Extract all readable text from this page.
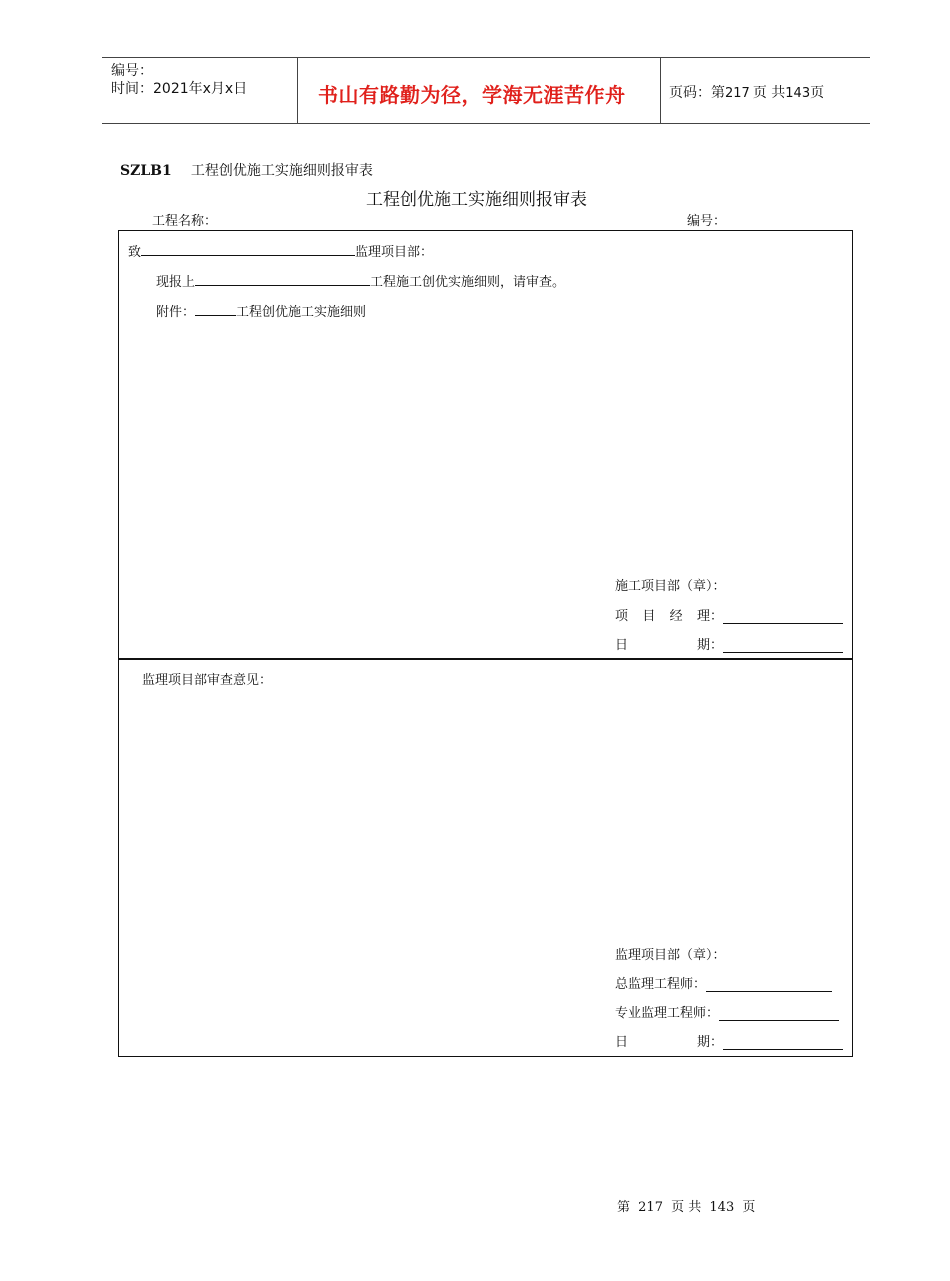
编号：
时间：2021年x月x日	书山有路勤为径，学海无涯苦作舟	页码：第217 页 共143页
SZLB1 工程创优施工实施细则报审表
工程创优施工实施细则报审表
工程名称：	编号：
致	监理项目部：
现报上	工程施工创优实施细则，请审查。
附件：	工程创优施工实施细则
施工项目部（章）：
项 目 经 理：
日	期：
监理项目部审查意见：
监理项目部（章）：
总监理工程师：
专业监理工程师：
日	期：
第 217 页 共 143 页
